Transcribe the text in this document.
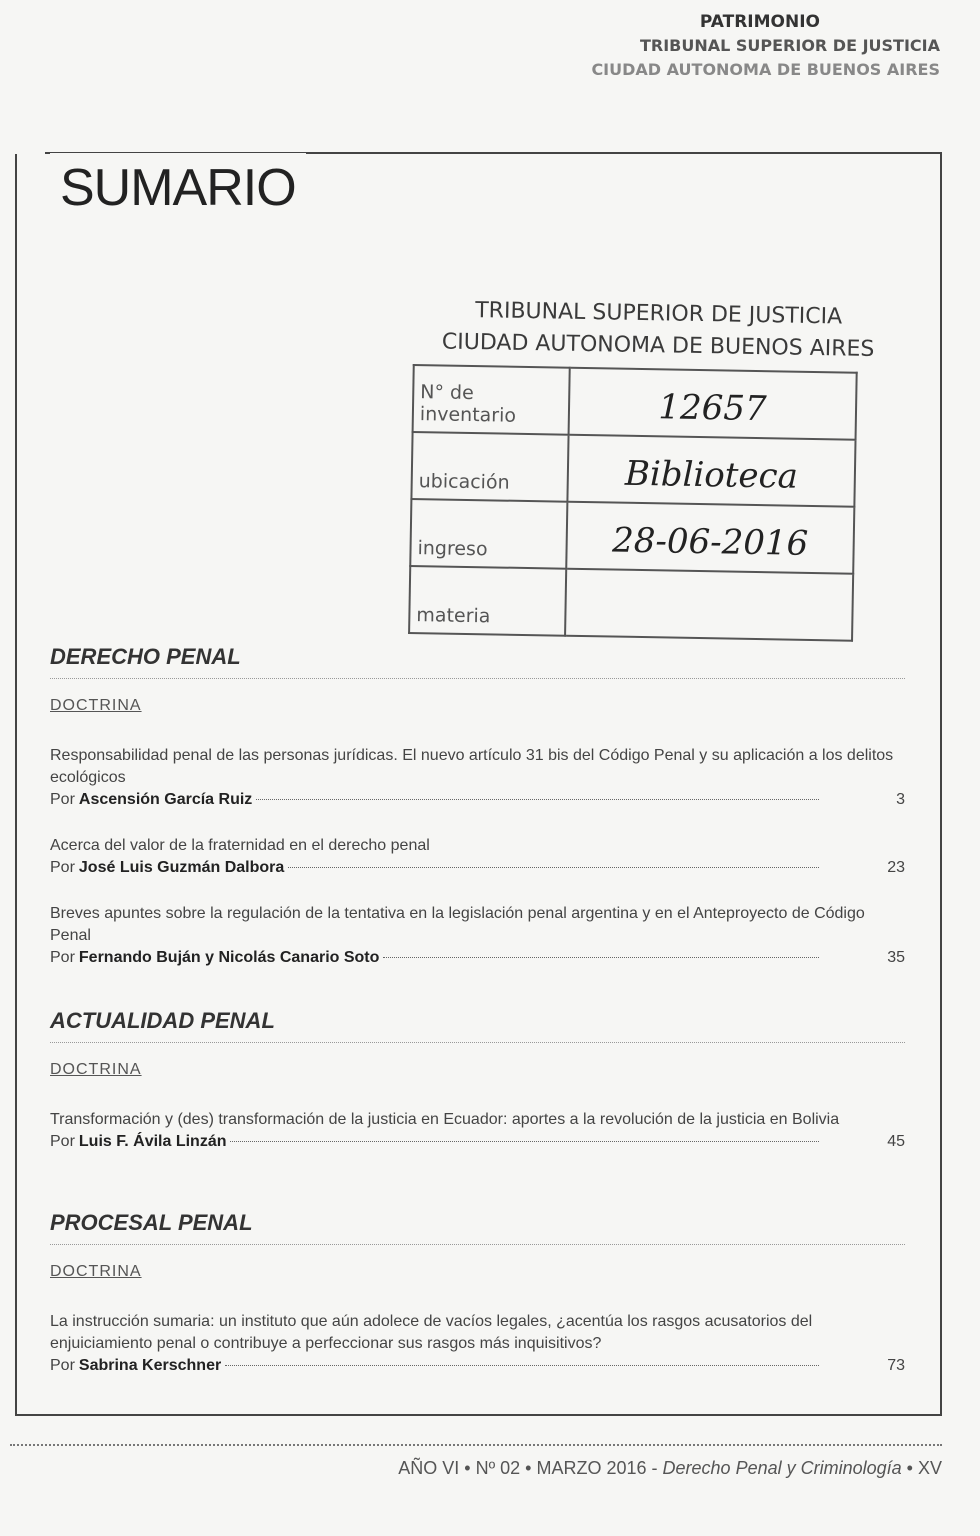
PATRIMONIO
TRIBUNAL SUPERIOR DE JUSTICIA
CIUDAD AUTONOMA DE BUENOS AIRES
SUMARIO
TRIBUNAL SUPERIOR DE JUSTICIA
CIUDAD AUTONOMA DE BUENOS AIRES
N° de inventario	12657
ubicación	Biblioteca
ingreso	28-06-2016
materia	
DERECHO PENAL
DOCTRINA
Responsabilidad penal de las personas jurídicas. El nuevo artículo 31 bis del Código Penal y su aplicación a los delitos ecológicos
Por Ascensión García Ruiz	3
Acerca del valor de la fraternidad en el derecho penal
Por José Luis Guzmán Dalbora	23
Breves apuntes sobre la regulación de la tentativa en la legislación penal argentina y en el Anteproyecto de Código Penal
Por Fernando Buján y Nicolás Canario Soto	35
ACTUALIDAD PENAL
DOCTRINA
Transformación y (des) transformación de la justicia en Ecuador: aportes a la revolución de la justicia en Bolivia
Por Luis F. Ávila Linzán	45
PROCESAL PENAL
DOCTRINA
La instrucción sumaria: un instituto que aún adolece de vacíos legales, ¿acentúa los rasgos acusatorios del enjuiciamiento penal o contribuye a perfeccionar sus rasgos más inquisitivos?
Por Sabrina Kerschner	73
AÑO VI • Nº 02 • MARZO 2016 - Derecho Penal y Criminología • XV
